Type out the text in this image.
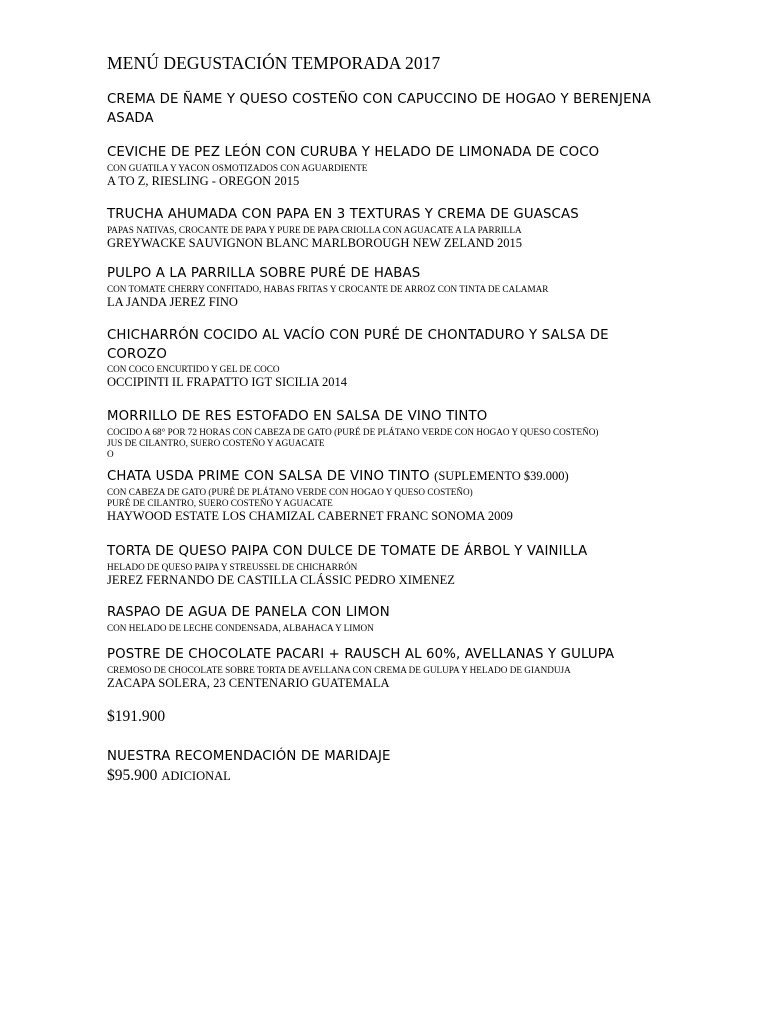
MENÚ DEGUSTACIÓN TEMPORADA 2017
CREMA DE ÑAME Y QUESO COSTEÑO CON CAPUCCINO DE HOGAO Y BERENJENA ASADA
CEVICHE DE PEZ LEÓN CON CURUBA Y HELADO DE LIMONADA DE COCO
CON GUATILA Y YACON OSMOTIZADOS CON AGUARDIENTE
A TO Z, RIESLING - OREGON 2015
TRUCHA AHUMADA CON PAPA EN 3 TEXTURAS Y CREMA DE GUASCAS
PAPAS NATIVAS, CROCANTE DE PAPA Y PURE DE PAPA CRIOLLA CON AGUACATE A LA PARRILLA
GREYWACKE SAUVIGNON BLANC MARLBOROUGH NEW ZELAND 2015
PULPO A LA PARRILLA SOBRE PURÉ DE HABAS
CON TOMATE CHERRY CONFITADO, HABAS FRITAS Y CROCANTE DE ARROZ CON TINTA DE CALAMAR
LA JANDA JEREZ FINO
CHICHARRÓN COCIDO AL VACÍO CON PURÉ DE CHONTADURO Y SALSA DE COROZO
CON COCO ENCURTIDO Y GEL DE COCO
OCCIPINTI IL FRAPATTO IGT SICILIA 2014
MORRILLO DE RES ESTOFADO EN SALSA DE VINO TINTO
COCIDO A 68° POR 72 HORAS CON CABEZA DE GATO (PURÉ DE PLÁTANO VERDE CON HOGAO Y QUESO COSTEÑO)
JUS DE CILANTRO, SUERO COSTEÑO Y AGUACATE
O
CHATA USDA PRIME CON SALSA DE VINO TINTO (SUPLEMENTO $39.000)
CON CABEZA DE GATO (PURÉ DE PLÁTANO VERDE CON HOGAO Y QUESO COSTEÑO)
PURÉ DE CILANTRO, SUERO COSTEÑO Y AGUACATE
HAYWOOD ESTATE LOS CHAMIZAL CABERNET FRANC SONOMA 2009
TORTA DE QUESO PAIPA CON DULCE DE TOMATE DE ÁRBOL Y VAINILLA
HELADO DE QUESO PAIPA Y STREUSSEL DE CHICHARRÓN
JEREZ FERNANDO DE CASTILLA CLÁSSIC PEDRO XIMENEZ
RASPAO DE AGUA DE PANELA CON LIMON
CON HELADO DE LECHE CONDENSADA, ALBAHACA Y LIMON
POSTRE DE CHOCOLATE PACARI + RAUSCH AL 60%, AVELLANAS Y GULUPA
CREMOSO DE CHOCOLATE SOBRE TORTA DE AVELLANA CON CREMA DE GULUPA Y HELADO DE GIANDUJA
ZACAPA SOLERA, 23 CENTENARIO GUATEMALA
$191.900
NUESTRA RECOMENDACIÓN DE MARIDAJE
$95.900 ADICIONAL
